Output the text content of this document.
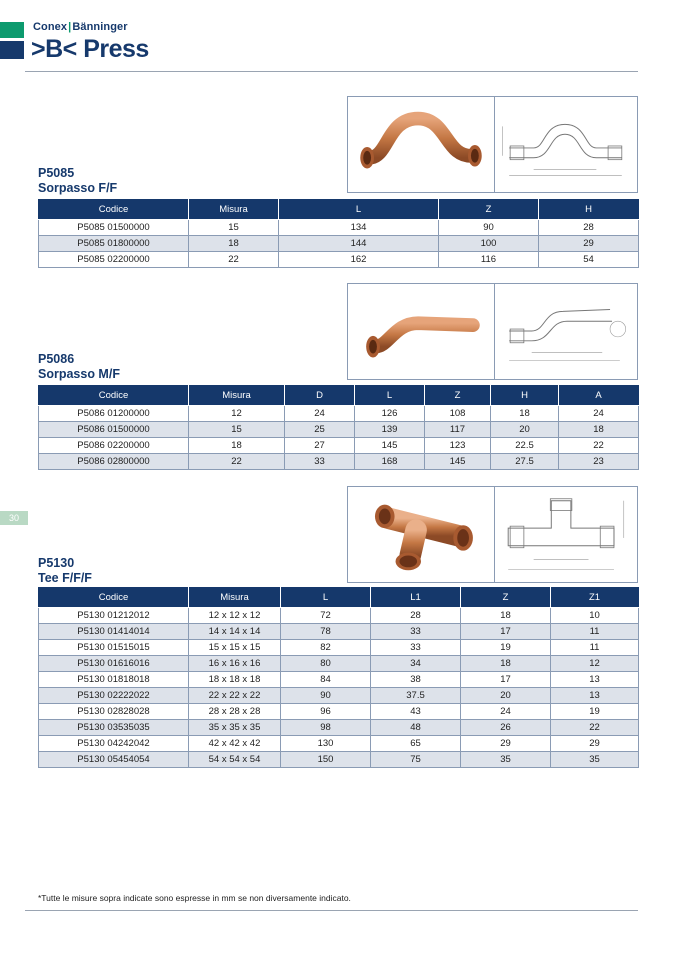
Conex|Bänninger
>B< Press
30
P5085
Sorpasso F/F
Codice	Misura	L	Z	H
P5085 01500000	15	134	90	28
P5085 01800000	18	144	100	29
P5085 02200000	22	162	116	54
P5086
Sorpasso M/F
Codice	Misura	D	L	Z	H	A
P5086 01200000	12	24	126	108	18	24
P5086 01500000	15	25	139	117	20	18
P5086 02200000	18	27	145	123	22.5	22
P5086 02800000	22	33	168	145	27.5	23
P5130
Tee F/F/F
Codice	Misura	L	L1	Z	Z1
P5130 01212012	12 x 12 x 12	72	28	18	10
P5130 01414014	14 x 14 x 14	78	33	17	11
P5130 01515015	15 x 15 x 15	82	33	19	11
P5130 01616016	16 x 16 x 16	80	34	18	12
P5130 01818018	18 x 18 x 18	84	38	17	13
P5130 02222022	22 x 22 x 22	90	37.5	20	13
P5130 02828028	28 x 28 x 28	96	43	24	19
P5130 03535035	35 x 35 x 35	98	48	26	22
P5130 04242042	42 x 42 x 42	130	65	29	29
P5130 05454054	54 x 54 x 54	150	75	35	35
*Tutte le misure sopra indicate sono espresse in mm se non diversamente indicato.
